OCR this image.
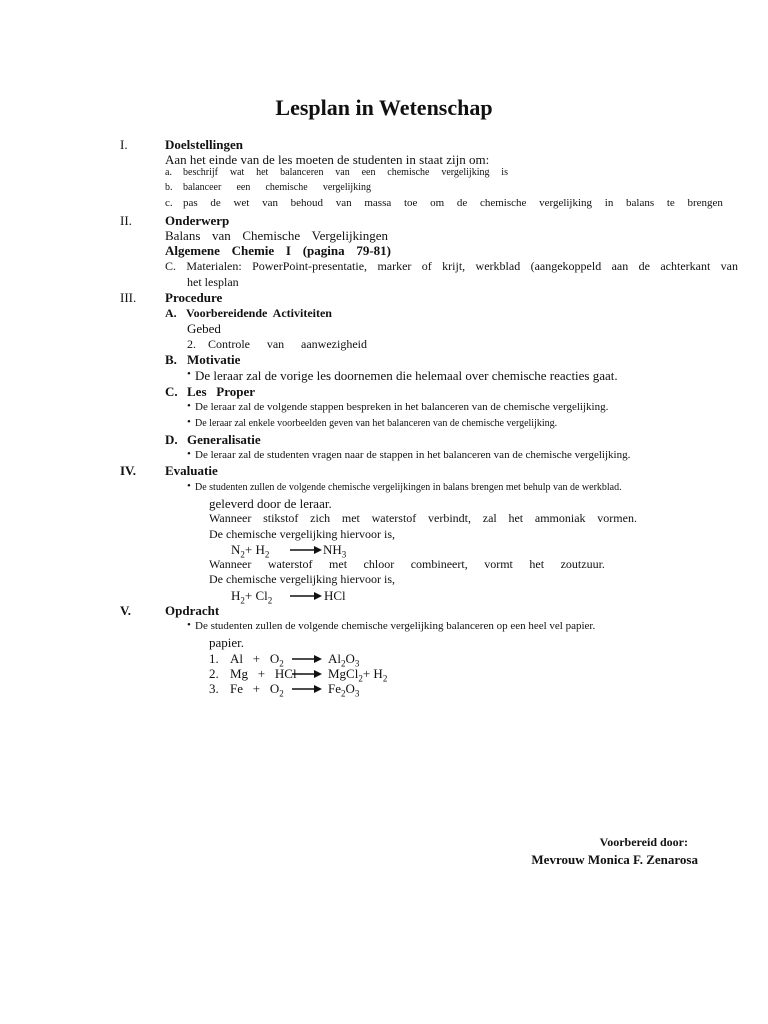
Lesplan in Wetenschap
I.	Doelstellingen
Aan het einde van de les moeten de studenten in staat zijn om:
a. beschrijf wat het balanceren van een chemische vergelijking is
b. balanceer een chemische vergelijking
c. pas de wet van behoud van massa toe om de chemische vergelijking in balans te brengen
II.	Onderwerp
Balans van Chemische Vergelijkingen
Algemene Chemie I (pagina 79-81)
C. Materialen: PowerPoint-presentatie, marker of krijt, werkblad (aangekoppeld aan de achterkant van
het lesplan
III. Procedure
A. Voorbereidende  Activiteiten
Gebed
2. Controle van aanwezigheid
B. Motivatie
• De leraar zal de vorige les doornemen die helemaal over chemische reacties gaat.
C. Les   Proper
• De leraar zal de volgende stappen bespreken in het balanceren van de chemische vergelijking.
• De leraar zal enkele voorbeelden geven van het balanceren van de chemische vergelijking.
D. Generalisatie
• De leraar zal de studenten vragen naar de stappen in het balanceren van de chemische vergelijking.
IV. Evaluatie
• De studenten zullen de volgende chemische vergelijkingen in balans brengen met behulp van de werkblad.
geleverd door de leraar.
Wanneer stikstof zich met waterstof verbindt, zal het ammoniak vormen.
De chemische vergelijking hiervoor is,
$N_2+ H_2 \to NH_3$
Wanneer waterstof met chloor combineert, vormt het zoutzuur.
De chemische vergelijking hiervoor is,
$H_2+ Cl_2$ → HCl
V.	Opdracht
• De studenten zullen de volgende chemische vergelijking balanceren op een heel vel papier.
papier.
1. $Al + O_2 \to Al_2O_3$
2. Mg   +   HCl → MgCl$_2$+ $H_2$
3. $Fe + O_2 \to Fe_2O_3$
Voorbereid door:
Mevrouw Monica F. Zenarosa
